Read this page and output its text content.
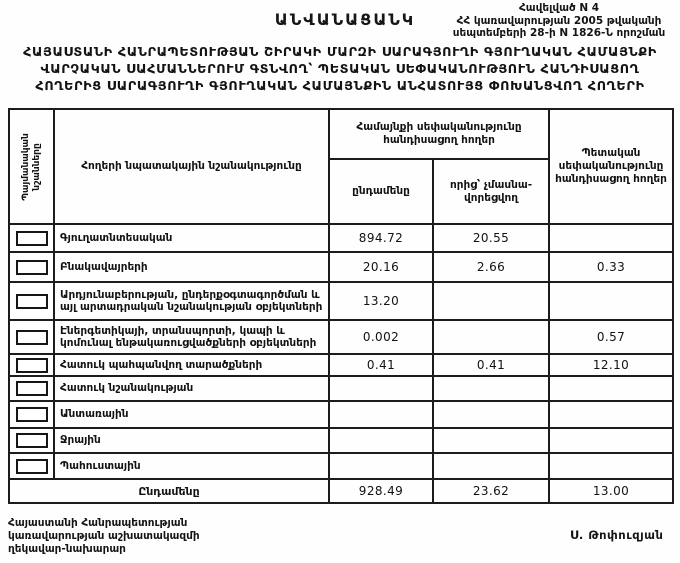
ԱՆՎԱՆԱՑԱՆԿ
Հավելված N 4
ՀՀ կառավարության 2005 թվականի
սեպտեմբերի 28-ի N 1826-Ն որոշման
ՀԱՅԱՍՏԱՆԻ ՀԱՆՐԱՊԵՏՈՒԹՅԱՆ ՇԻՐԱԿԻ ՄԱՐԶԻ ՍԱՐԱԳՅՈՒՂԻ ԳՅՈՒՂԱԿԱՆ ՀԱՄԱՅՆՔԻ
ՎԱՐՉԱԿԱՆ ՍԱՀՄԱՆՆԵՐՈՒՄ ԳՏՆՎՈՂ՝ ՊԵՏԱԿԱՆ ՍԵՓԱԿԱՆՈՒԹՅՈՒՆ ՀԱՆԴԻՍԱՑՈՂ
ՀՈՂԵՐԻՑ ՍԱՐԱԳՅՈՒՂԻ ԳՅՈՒՂԱԿԱՆ ՀԱՄԱՅՆՔԻՆ ԱՆՀԱՏՈՒՅՑ ՓՈԽԱՆՑՎՈՂ ՀՈՂԵՐԻ
Պայմանական նշանները	Հողերի նպատակային նշանակությունը	Համայնքի սեփականությունը հանդիսացող հողեր		Պետական սեփականությունը հանդիսացող հողեր
		ընդամենը	որից՝ չմասնա-վորեցվող	

	Գյուղատնտեսական	894.72	20.55	

	Բնակավայրերի	20.16	2.66	0.33

	Արդյունաբերության, ընդերքօգտագործման և այլ արտադրական նշանակության օբյեկտների	13.20		

	Էներգետիկայի, տրանսպորտի, կապի և կոմունալ ենթակառուցվածքների օբյեկտների	0.002		0.57

	Հատուկ պահպանվող տարածքների	0.41	0.41	12.10

	Հատուկ նշանակության			

	Անտառային			

	Ջրային			

	Պահուստային			
Ընդամենը		928.49	23.62	13.00
Հայաստանի Հանրապետության
կառավարության աշխատակազմի
ղեկավար-նախարար
Ս. Թոփուզյան
